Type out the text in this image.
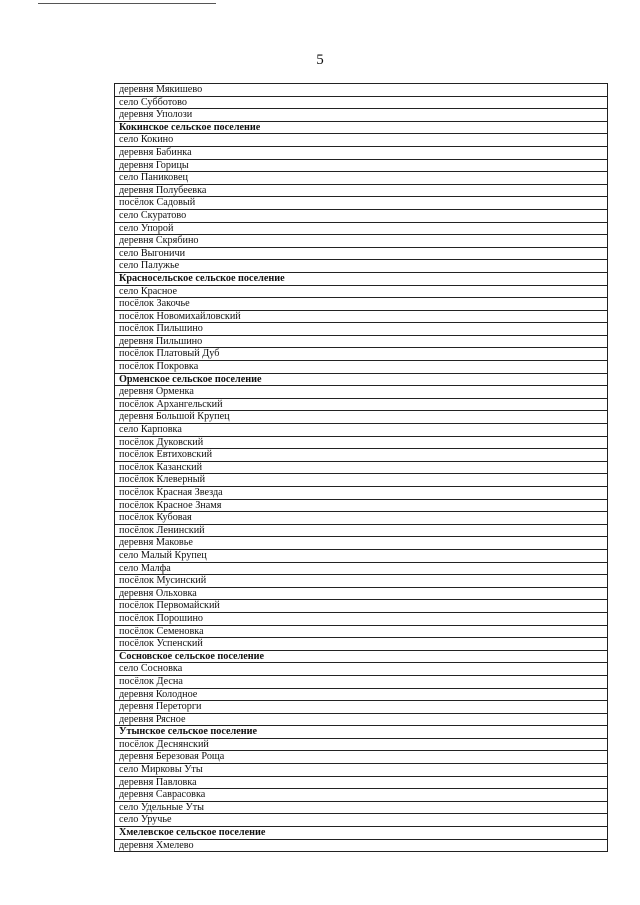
5
деревня Мякишево
село Субботово
деревня Уполози
Кокинское сельское поселение
село Кокино
деревня Бабинка
деревня Горицы
село Паниковец
деревня Полубеевка
посёлок Садовый
село Скуратово
село Упорой
деревня Скрябино
село Выгоничи
село Палужье
Красносельское сельское поселение
село Красное
посёлок Закочье
посёлок Новомихайловский
посёлок Пильшино
деревня Пильшино
посёлок Платовый Дуб
посёлок Покровка
Орменское сельское поселение
деревня Орменка
посёлок Архангельский
деревня Большой Крупец
село Карповка
посёлок Дуковский
посёлок Евтиховский
посёлок Казанский
посёлок Клеверный
посёлок Красная Звезда
посёлок Красное Знамя
посёлок Кубовая
посёлок Ленинский
деревня Маковье
село Малый Крупец
село Малфа
посёлок Мусинский
деревня Ольховка
посёлок Первомайский
посёлок Порошино
посёлок Семеновка
посёлок Успенский
Сосновское сельское поселение
село Сосновка
посёлок Десна
деревня Колодное
деревня Переторги
деревня Рясное
Утынское сельское поселение
посёлок Деснянский
деревня Березовая Роща
село Мирковы Уты
деревня Павловка
деревня Савраcовка
село Удельные Уты
село Уручье
Хмелевское сельское поселение
деревня Хмелево
